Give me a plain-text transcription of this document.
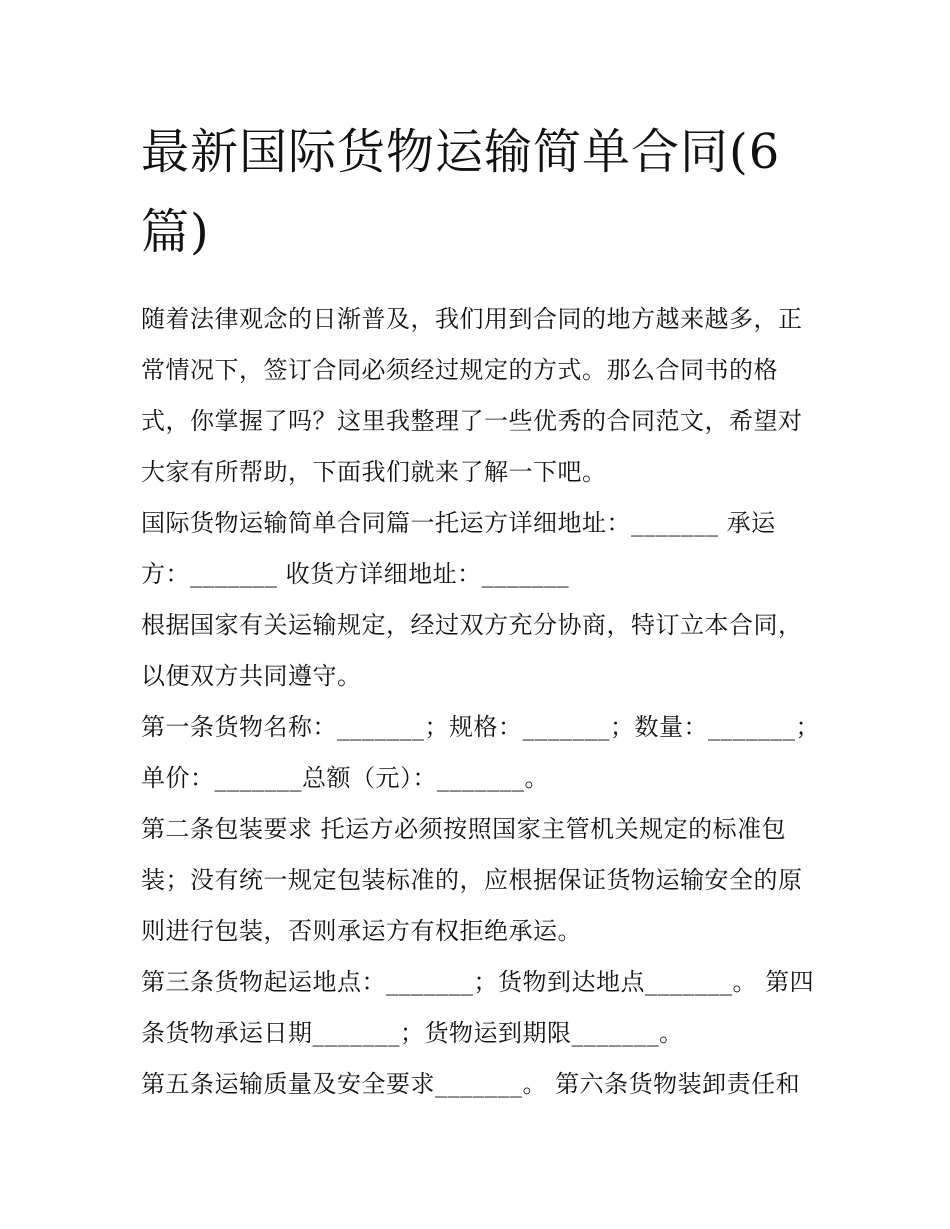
最新国际货物运输简单合同(6篇)

随着法律观念的日渐普及，我们用到合同的地方越来越多，正常情况下，签订合同必须经过规定的方式。那么合同书的格式，你掌握了吗？这里我整理了一些优秀的合同范文，希望对大家有所帮助，下面我们就来了解一下吧。

国际货物运输简单合同篇一托运方详细地址：_______ 承运方：_______ 收货方详细地址：_______

根据国家有关运输规定，经过双方充分协商，特订立本合同，以便双方共同遵守。

第一条货物名称：_______；规格：_______；数量：_______；单价：_______总额（元）：_______。

第二条包装要求 托运方必须按照国家主管机关规定的标准包装；没有统一规定包装标准的，应根据保证货物运输安全的原则进行包装，否则承运方有权拒绝承运。

第三条货物起运地点：_______；货物到达地点_______。 第四条货物承运日期_______；货物运到期限_______。

第五条运输质量及安全要求_______。 第六条货物装卸责任和
